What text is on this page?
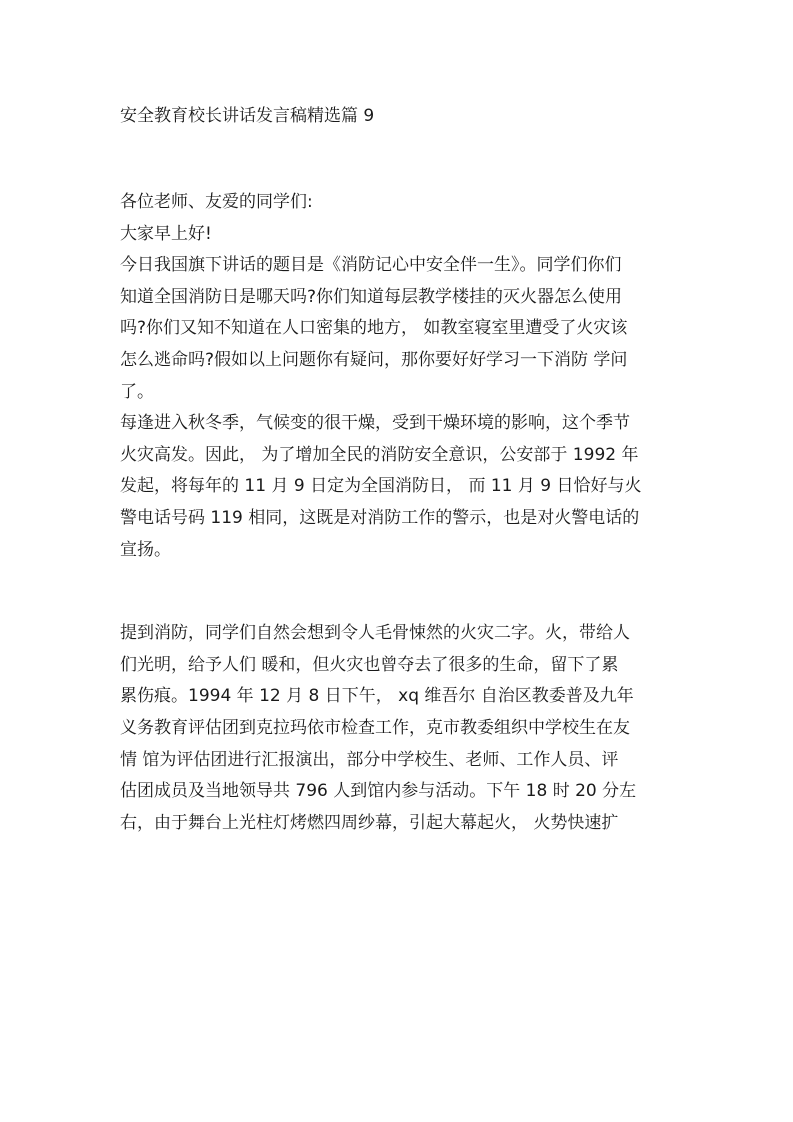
安全教育校长讲话发言稿精选篇 9
各位老师、友爱的同学们:
大家早上好!
今日我国旗下讲话的题目是《消防记心中安全伴一生》。同学们你们
知道全国消防日是哪天吗?你们知道每层教学楼挂的灭火器怎么使用
吗?你们又知不知道在人口密集的地方， 如教室寝室里遭受了火灾该
怎么逃命吗?假如以上问题你有疑问，那你要好好学习一下消防 学问
了。
每逢进入秋冬季，气候变的很干燥，受到干燥环境的影响，这个季节
火灾高发。因此， 为了增加全民的消防安全意识，公安部于 1992 年
发起，将每年的 11 月 9 日定为全国消防日， 而 11 月 9 日恰好与火
警电话号码 119 相同，这既是对消防工作的警示，也是对火警电话的
宣扬。
提到消防，同学们自然会想到令人毛骨悚然的火灾二字。火，带给人
们光明，给予人们 暖和，但火灾也曾夺去了很多的生命，留下了累
累伤痕。1994 年 12 月 8 日下午， xq 维吾尔 自治区教委普及九年
义务教育评估团到克拉玛依市检查工作，克市教委组织中学校生在友
情 馆为评估团进行汇报演出，部分中学校生、老师、工作人员、评
估团成员及当地领导共 796 人到馆内参与活动。下午 18 时 20 分左
右，由于舞台上光柱灯烤燃四周纱幕，引起大幕起火， 火势快速扩
